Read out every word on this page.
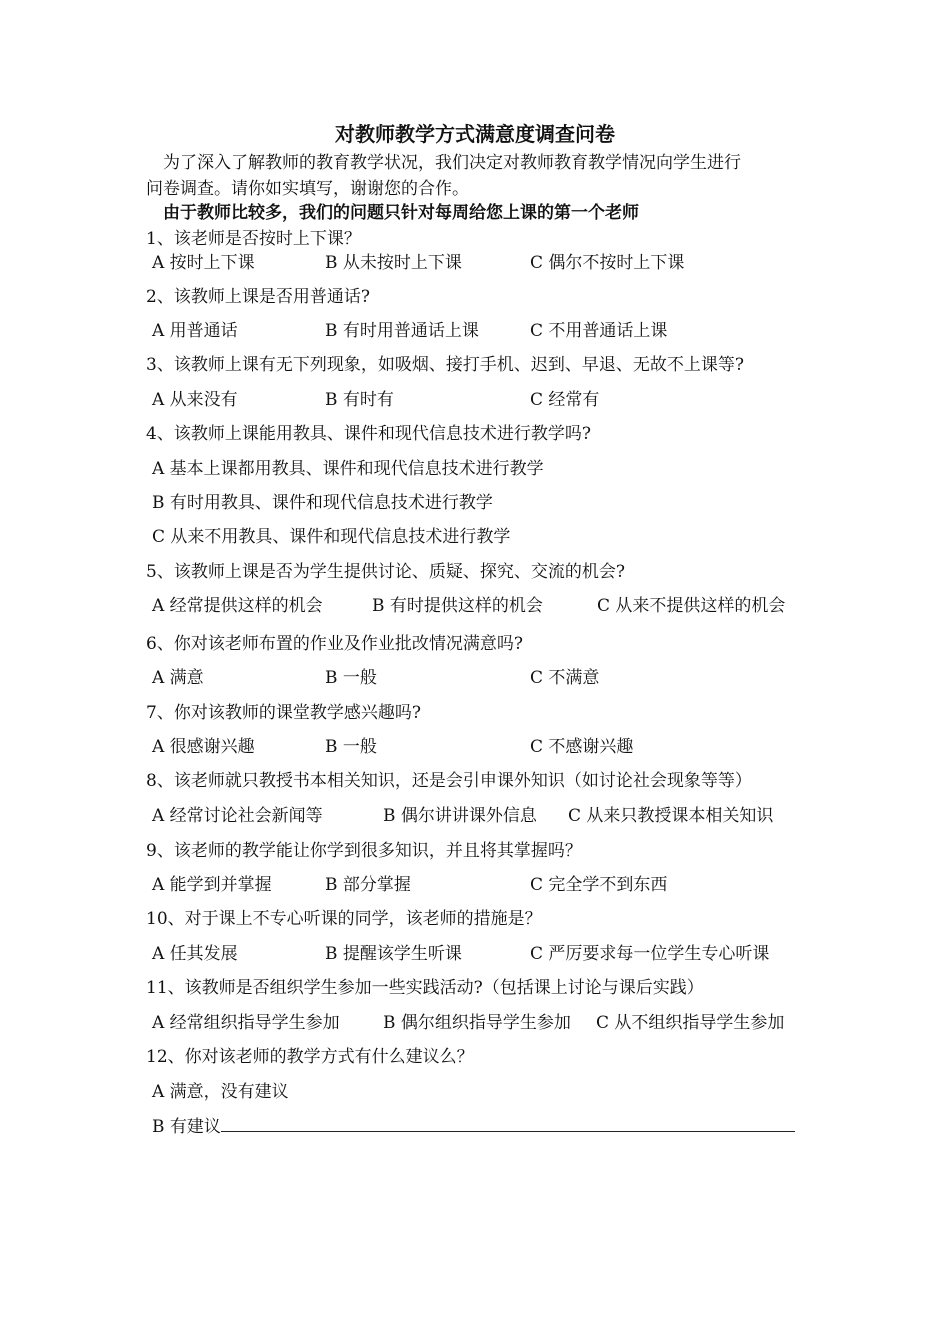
对教师教学方式满意度调查问卷
为了深入了解教师的教育教学状况，我们决定对教师教育教学情况向学生进行
问卷调查。请你如实填写，谢谢您的合作。
由于教师比较多，我们的问题只针对每周给您上课的第一个老师
1、该老师是否按时上下课？
A 按时上下课	B 从未按时上下课	C 偶尔不按时上下课
2、该教师上课是否用普通话?
A 用普通话	B 有时用普通话上课	C 不用普通话上课
3、该教师上课有无下列现象，如吸烟、接打手机、迟到、早退、无故不上课等?
A 从来没有	B 有时有	C 经常有
4、该教师上课能用教具、课件和现代信息技术进行教学吗?
A 基本上课都用教具、课件和现代信息技术进行教学
B 有时用教具、课件和现代信息技术进行教学
C 从来不用教具、课件和现代信息技术进行教学
5、该教师上课是否为学生提供讨论、质疑、探究、交流的机会?
A 经常提供这样的机会	B 有时提供这样的机会	C 从来不提供这样的机会
6、你对该老师布置的作业及作业批改情况满意吗?
A 满意	B 一般	C 不满意
7、你对该教师的课堂教学感兴趣吗?
A 很感谢兴趣	B 一般	C 不感谢兴趣
8、该老师就只教授书本相关知识，还是会引申课外知识（如讨论社会现象等等）
A 经常讨论社会新闻等	B 偶尔讲讲课外信息 C 从来只教授课本相关知识
9、该老师的教学能让你学到很多知识，并且将其掌握吗？
A 能学到并掌握	B 部分掌握	C 完全学不到东西
10、对于课上不专心听课的同学，该老师的措施是？
A 任其发展	B 提醒该学生听课	C 严厉要求每一位学生专心听课
11、该教师是否组织学生参加一些实践活动?（包括课上讨论与课后实践）
A 经常组织指导学生参加	B 偶尔组织指导学生参加 C 从不组织指导学生参加
12、你对该老师的教学方式有什么建议么？
A 满意，没有建议
B 有建议
